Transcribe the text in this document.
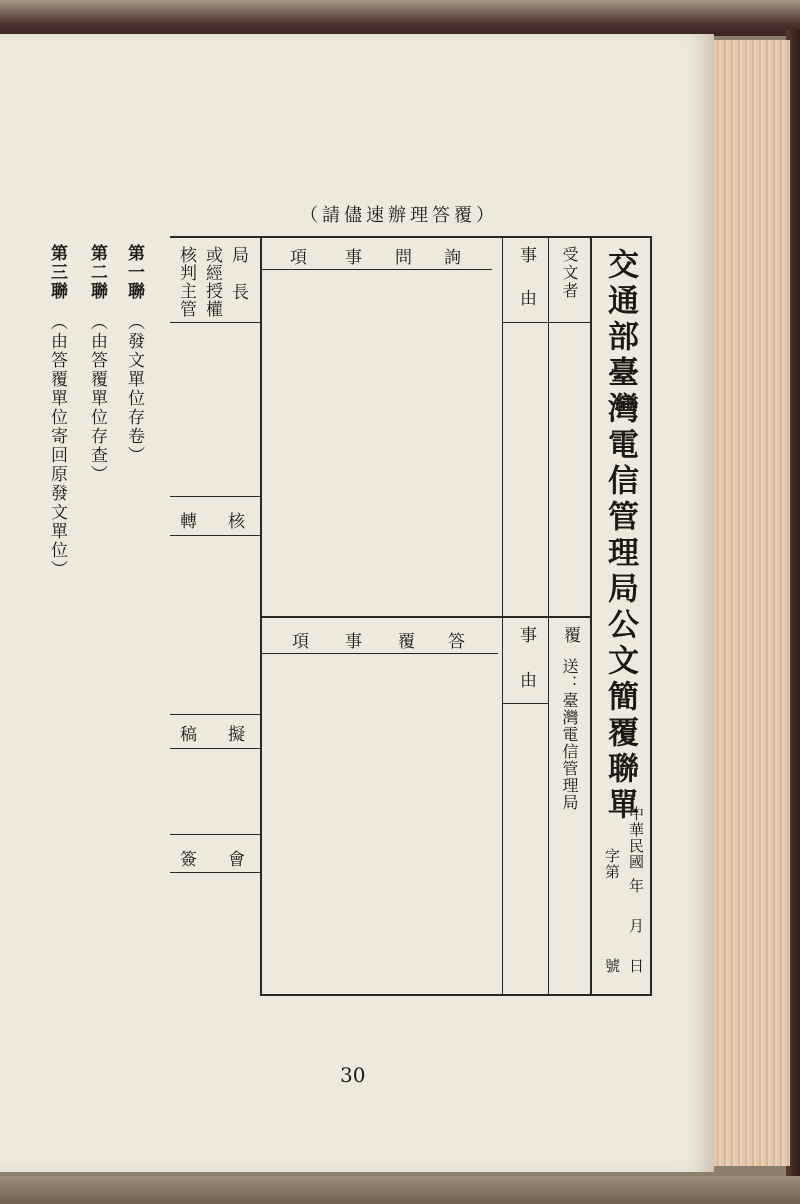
（請儘速辦理答覆）
第一聯（發文單位存卷）
第二聯（由答覆單位存查）
第三聯（由答覆單位寄回原發文單位）	交通部臺灣電信管理局公文簡覆聯單
中華民國
年
月
日
字第
號
受文者
覆
送：臺灣電信管理局
事由
事由
詢
問
事
項
答
覆
事
項
局長
或經授權
核判主管
核
轉
擬
稿
會
簽
30
